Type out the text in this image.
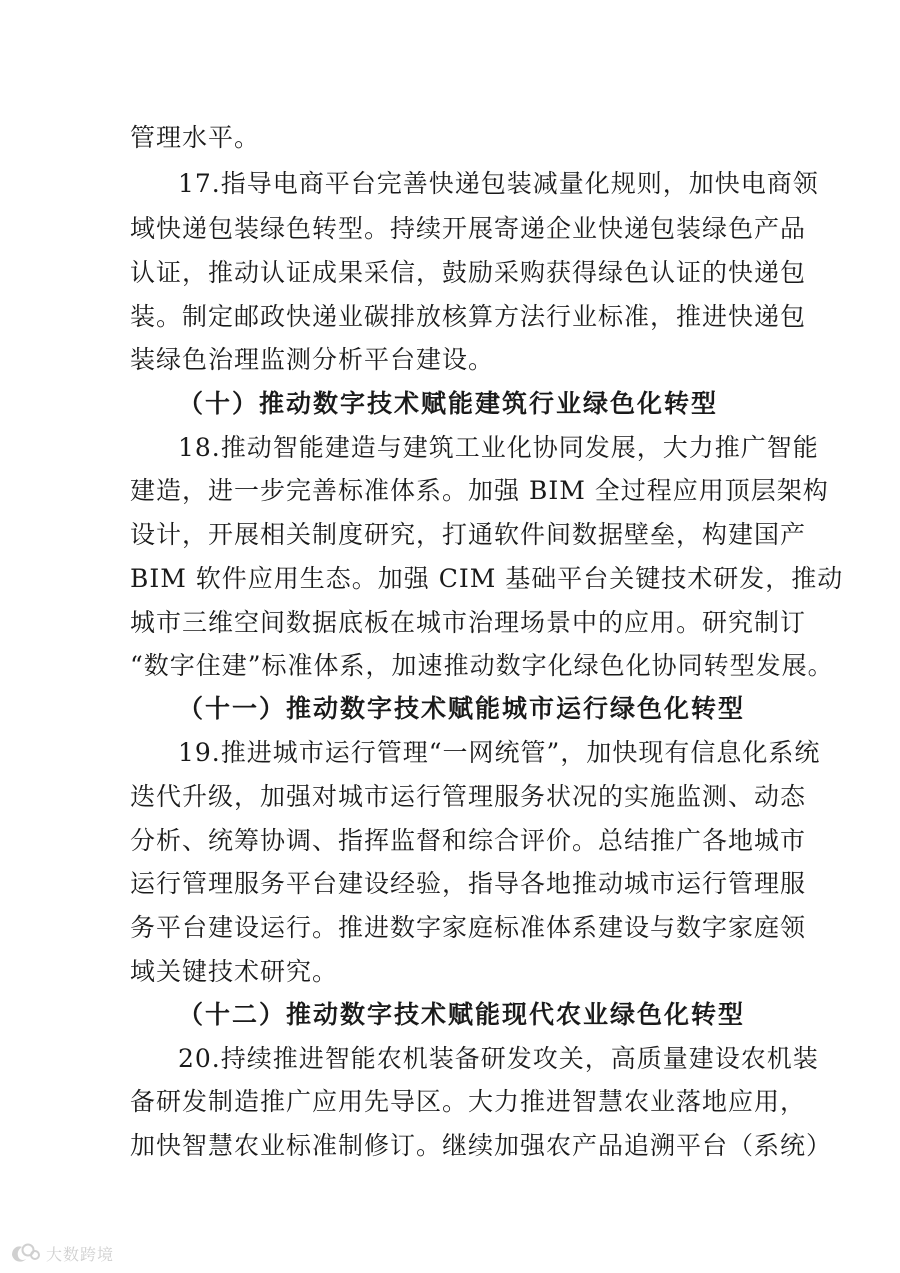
管理水平。
17.指导电商平台完善快递包装减量化规则，加快电商领
域快递包装绿色转型。持续开展寄递企业快递包装绿色产品
认证，推动认证成果采信，鼓励采购获得绿色认证的快递包
装。制定邮政快递业碳排放核算方法行业标准，推进快递包
装绿色治理监测分析平台建设。
（十）推动数字技术赋能建筑行业绿色化转型
18.推动智能建造与建筑工业化协同发展，大力推广智能
建造，进一步完善标准体系。加强 BIM 全过程应用顶层架构
设计，开展相关制度研究，打通软件间数据壁垒，构建国产
BIM 软件应用生态。加强 CIM 基础平台关键技术研发，推动
城市三维空间数据底板在城市治理场景中的应用。研究制订
“数字住建”标准体系，加速推动数字化绿色化协同转型发展。
（十一）推动数字技术赋能城市运行绿色化转型
19.推进城市运行管理“一网统管”，加快现有信息化系统
迭代升级，加强对城市运行管理服务状况的实施监测、动态
分析、统筹协调、指挥监督和综合评价。总结推广各地城市
运行管理服务平台建设经验，指导各地推动城市运行管理服
务平台建设运行。推进数字家庭标准体系建设与数字家庭领
域关键技术研究。
（十二）推动数字技术赋能现代农业绿色化转型
20.持续推进智能农机装备研发攻关，高质量建设农机装
备研发制造推广应用先导区。大力推进智慧农业落地应用，
加快智慧农业标准制修订。继续加强农产品追溯平台（系统）
大数跨境
